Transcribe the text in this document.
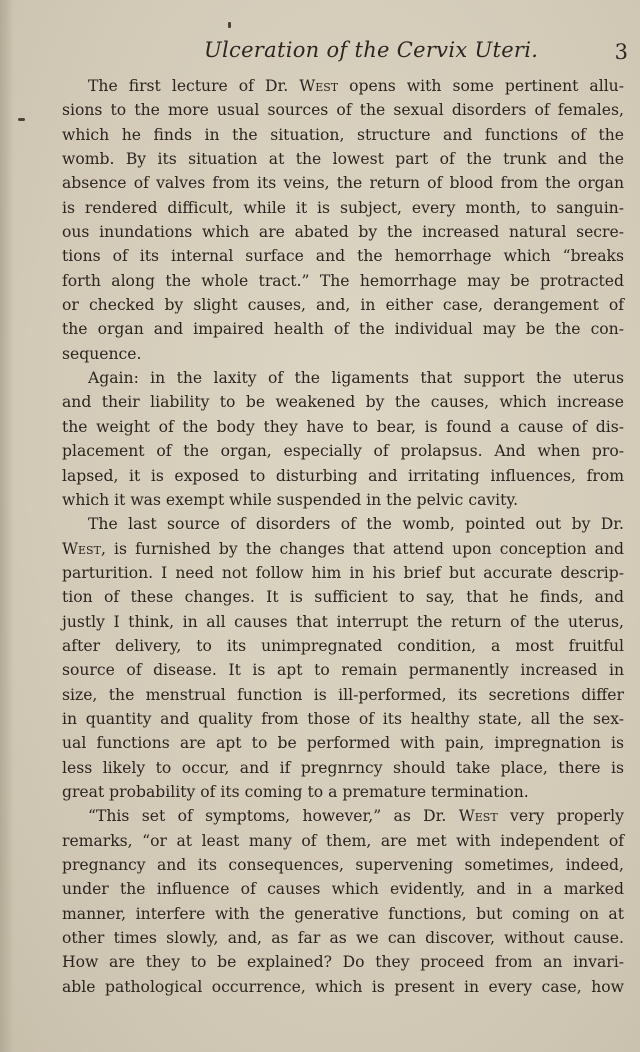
Ulceration of the Cervix Uteri.	3
The first lecture of Dr. West opens with some pertinent allu-
sions to the more usual sources of the sexual disorders of females,
which he finds in the situation, structure and functions of the
womb. By its situation at the lowest part of the trunk and the
absence of valves from its veins, the return of blood from the organ
is rendered difficult, while it is subject, every month, to sanguin-
ous inundations which are abated by the increased natural secre-
tions of its internal surface and the hemorrhage which “breaks
forth along the whole tract.” The hemorrhage may be protracted
or checked by slight causes, and, in either case, derangement of
the organ and impaired health of the individual may be the con-
sequence.
Again: in the laxity of the ligaments that support the uterus
and their liability to be weakened by the causes, which increase
the weight of the body they have to bear, is found a cause of dis-
placement of the organ, especially of prolapsus. And when pro-
lapsed, it is exposed to disturbing and irritating influences, from
which it was exempt while suspended in the pelvic cavity.
The last source of disorders of the womb, pointed out by Dr.
West, is furnished by the changes that attend upon conception and
parturition. I need not follow him in his brief but accurate descrip-
tion of these changes. It is sufficient to say, that he finds, and
justly I think, in all causes that interrupt the return of the uterus,
after delivery, to its unimpregnated condition, a most fruitful
source of disease. It is apt to remain permanently increased in
size, the menstrual function is ill-performed, its secretions differ
in quantity and quality from those of its healthy state, all the sex-
ual functions are apt to be performed with pain, impregnation is
less likely to occur, and if pregnrncy should take place, there is
great probability of its coming to a premature termination.
“This set of symptoms, however,” as Dr. West very properly
remarks, “or at least many of them, are met with independent of
pregnancy and its consequences, supervening sometimes, indeed,
under the influence of causes which evidently, and in a marked
manner, interfere with the generative functions, but coming on at
other times slowly, and, as far as we can discover, without cause.
How are they to be explained? Do they proceed from an invari-
able pathological occurrence, which is present in every case, how
